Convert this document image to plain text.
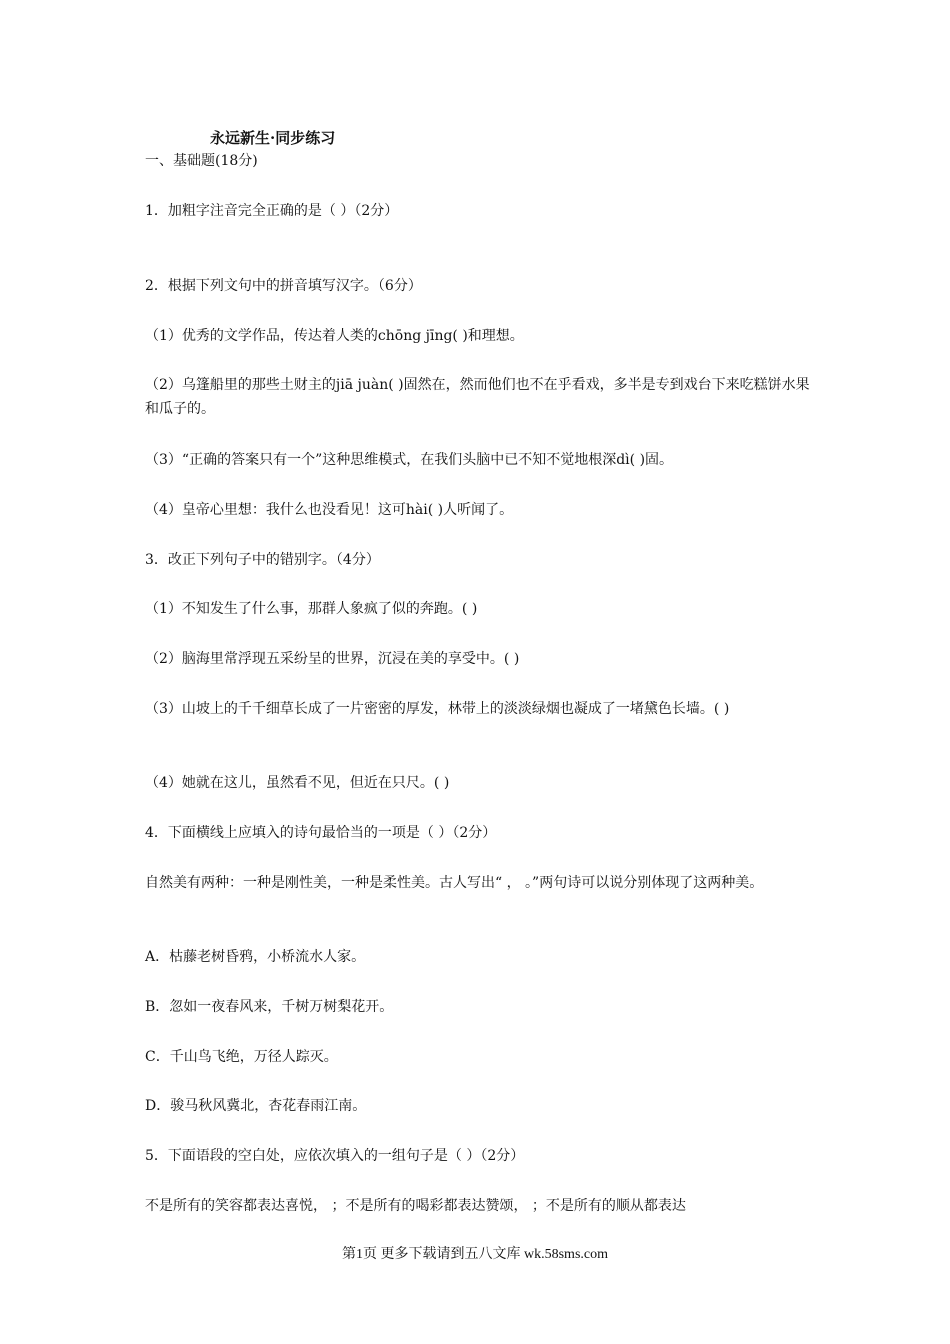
永远新生·同步练习
一、基础题(18分)
1．加粗字注音完全正确的是（ ）（2分）
2．根据下列文句中的拼音填写汉字。（6分）
（1）优秀的文学作品，传达着人类的chōng jīng( )和理想。
（2）乌篷船里的那些土财主的jiā juàn( )固然在，然而他们也不在乎看戏，多半是专到戏台下来吃糕饼水果和瓜子的。
（3）“正确的答案只有一个”这种思维模式，在我们头脑中已不知不觉地根深dì( )固。
（4）皇帝心里想：我什么也没看见！这可hài( )人听闻了。
3．改正下列句子中的错别字。（4分）
（1）不知发生了什么事，那群人象疯了似的奔跑。( )
（2）脑海里常浮现五采纷呈的世界，沉浸在美的享受中。( )
（3）山坡上的千千细草长成了一片密密的厚发，林带上的淡淡绿烟也凝成了一堵黛色长墙。( )
（4）她就在这儿，虽然看不见，但近在只尺。( )
4．下面横线上应填入的诗句最恰当的一项是（ ）（2分）
自然美有两种：一种是刚性美，一种是柔性美。古人写出“ ， 。”两句诗可以说分别体现了这两种美。
A．枯藤老树昏鸦，小桥流水人家。
B．忽如一夜春风来，千树万树梨花开。
C．千山鸟飞绝，万径人踪灭。
D．骏马秋风冀北，杏花春雨江南。
5．下面语段的空白处，应依次填入的一组句子是（ ）（2分）
不是所有的笑容都表达喜悦， ；不是所有的喝彩都表达赞颂， ；不是所有的顺从都表达
第1页 更多下载请到五八文库 wk.58sms.com
